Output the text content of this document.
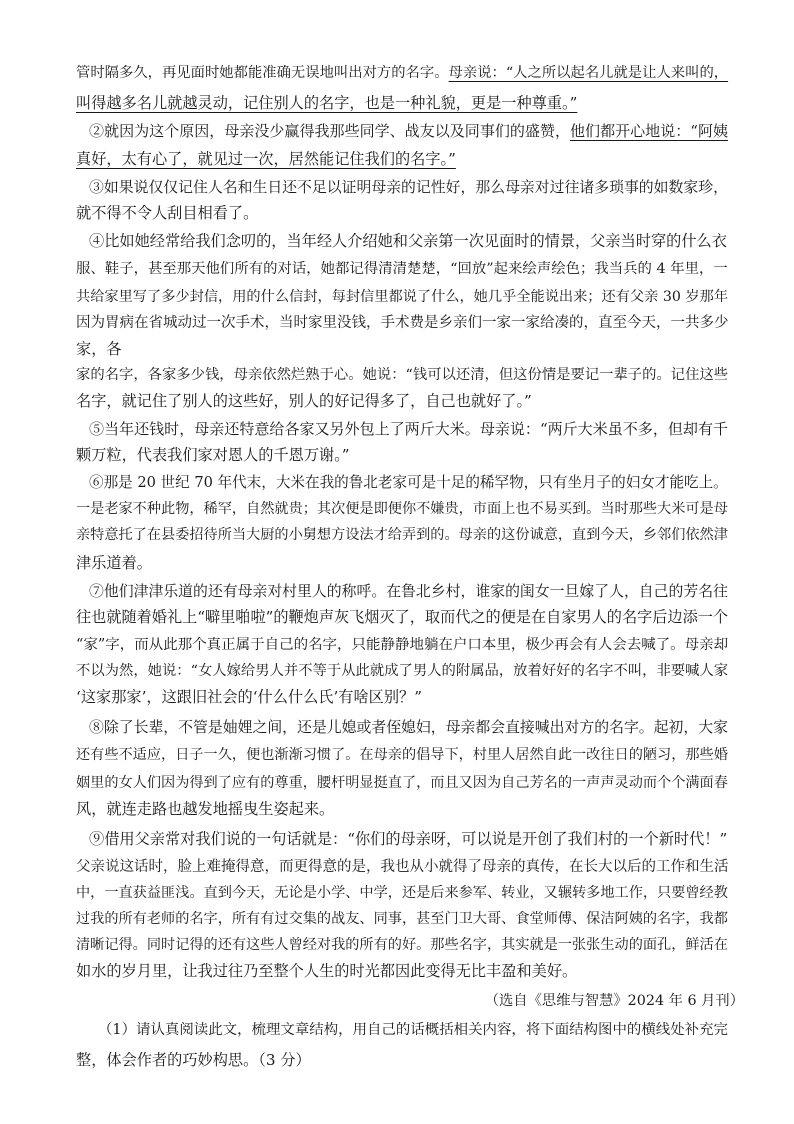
管时隔多久，再见面时她都能准确无误地叫出对方的名字。母亲说：“人之所以起名儿就是让人来叫的，
叫得越多名儿就越灵动，记住别人的名字，也是一种礼貌，更是一种尊重。”
②就因为这个原因，母亲没少赢得我那些同学、战友以及同事们的盛赞，他们都开心地说：“阿姨
真好，太有心了，就见过一次，居然能记住我们的名字。”
③如果说仅仅记住人名和生日还不足以证明母亲的记性好，那么母亲对过往诸多琐事的如数家珍，
就不得不令人刮目相看了。
④比如她经常给我们念叨的，当年经人介绍她和父亲第一次见面时的情景，父亲当时穿的什么衣
服、鞋子，甚至那天他们所有的对话，她都记得清清楚楚，“回放”起来绘声绘色；我当兵的 4 年里，一
共给家里写了多少封信，用的什么信封，每封信里都说了什么，她几乎全能说出来；还有父亲 30 岁那年
因为胃病在省城动过一次手术，当时家里没钱，手术费是乡亲们一家一家给凑的，直至今天，一共多少
家，各
家的名字，各家多少钱，母亲依然烂熟于心。她说：“钱可以还清，但这份情是要记一辈子的。记住这些
名字，就记住了别人的这些好，别人的好记得多了，自己也就好了。”
⑤当年还钱时，母亲还特意给各家又另外包上了两斤大米。母亲说：“两斤大米虽不多，但却有千
颗万粒，代表我们家对恩人的千恩万谢。”
⑥那是 20 世纪 70 年代末，大米在我的鲁北老家可是十足的稀罕物，只有坐月子的妇女才能吃上。
一是老家不种此物，稀罕，自然就贵；其次便是即便你不嫌贵，市面上也不易买到。当时那些大米可是母
亲特意托了在县委招待所当大厨的小舅想方设法才给弄到的。母亲的这份诚意，直到今天，乡邻们依然津
津乐道着。
⑦他们津津乐道的还有母亲对村里人的称呼。在鲁北乡村，谁家的闺女一旦嫁了人，自己的芳名往
往也就随着婚礼上“噼里啪啦”的鞭炮声灰飞烟灭了，取而代之的便是在自家男人的名字后边添一个
“家”字，而从此那个真正属于自己的名字，只能静静地躺在户口本里，极少再会有人会去喊了。母亲却
不以为然，她说：“女人嫁给男人并不等于从此就成了男人的附属品，放着好好的名字不叫，非要喊人家
‘这家那家’，这跟旧社会的‘什么什么氏’有啥区别？”
⑧除了长辈，不管是妯娌之间，还是儿媳或者侄媳妇，母亲都会直接喊出对方的名字。起初，大家
还有些不适应，日子一久，便也渐渐习惯了。在母亲的倡导下，村里人居然自此一改往日的陋习，那些婚
姻里的女人们因为得到了应有的尊重，腰杆明显挺直了，而且又因为自己芳名的一声声灵动而个个满面春
风，就连走路也越发地摇曳生姿起来。
⑨借用父亲常对我们说的一句话就是：“你们的母亲呀，可以说是开创了我们村的一个新时代！”
父亲说这话时，脸上难掩得意，而更得意的是，我也从小就得了母亲的真传，在长大以后的工作和生活
中，一直获益匪浅。直到今天，无论是小学、中学，还是后来参军、转业，又辗转多地工作，只要曾经教
过我的所有老师的名字，所有有过交集的战友、同事，甚至门卫大哥、食堂师傅、保洁阿姨的名字，我都
清晰记得。同时记得的还有这些人曾经对我的所有的好。那些名字，其实就是一张张生动的面孔，鲜活在
如水的岁月里，让我过往乃至整个人生的时光都因此变得无比丰盈和美好。
（选自《思维与智慧》2024 年 6 月刊）
（1）请认真阅读此文，梳理文章结构，用自己的话概括相关内容，将下面结构图中的横线处补充完
整，体会作者的巧妙构思。（3 分）
